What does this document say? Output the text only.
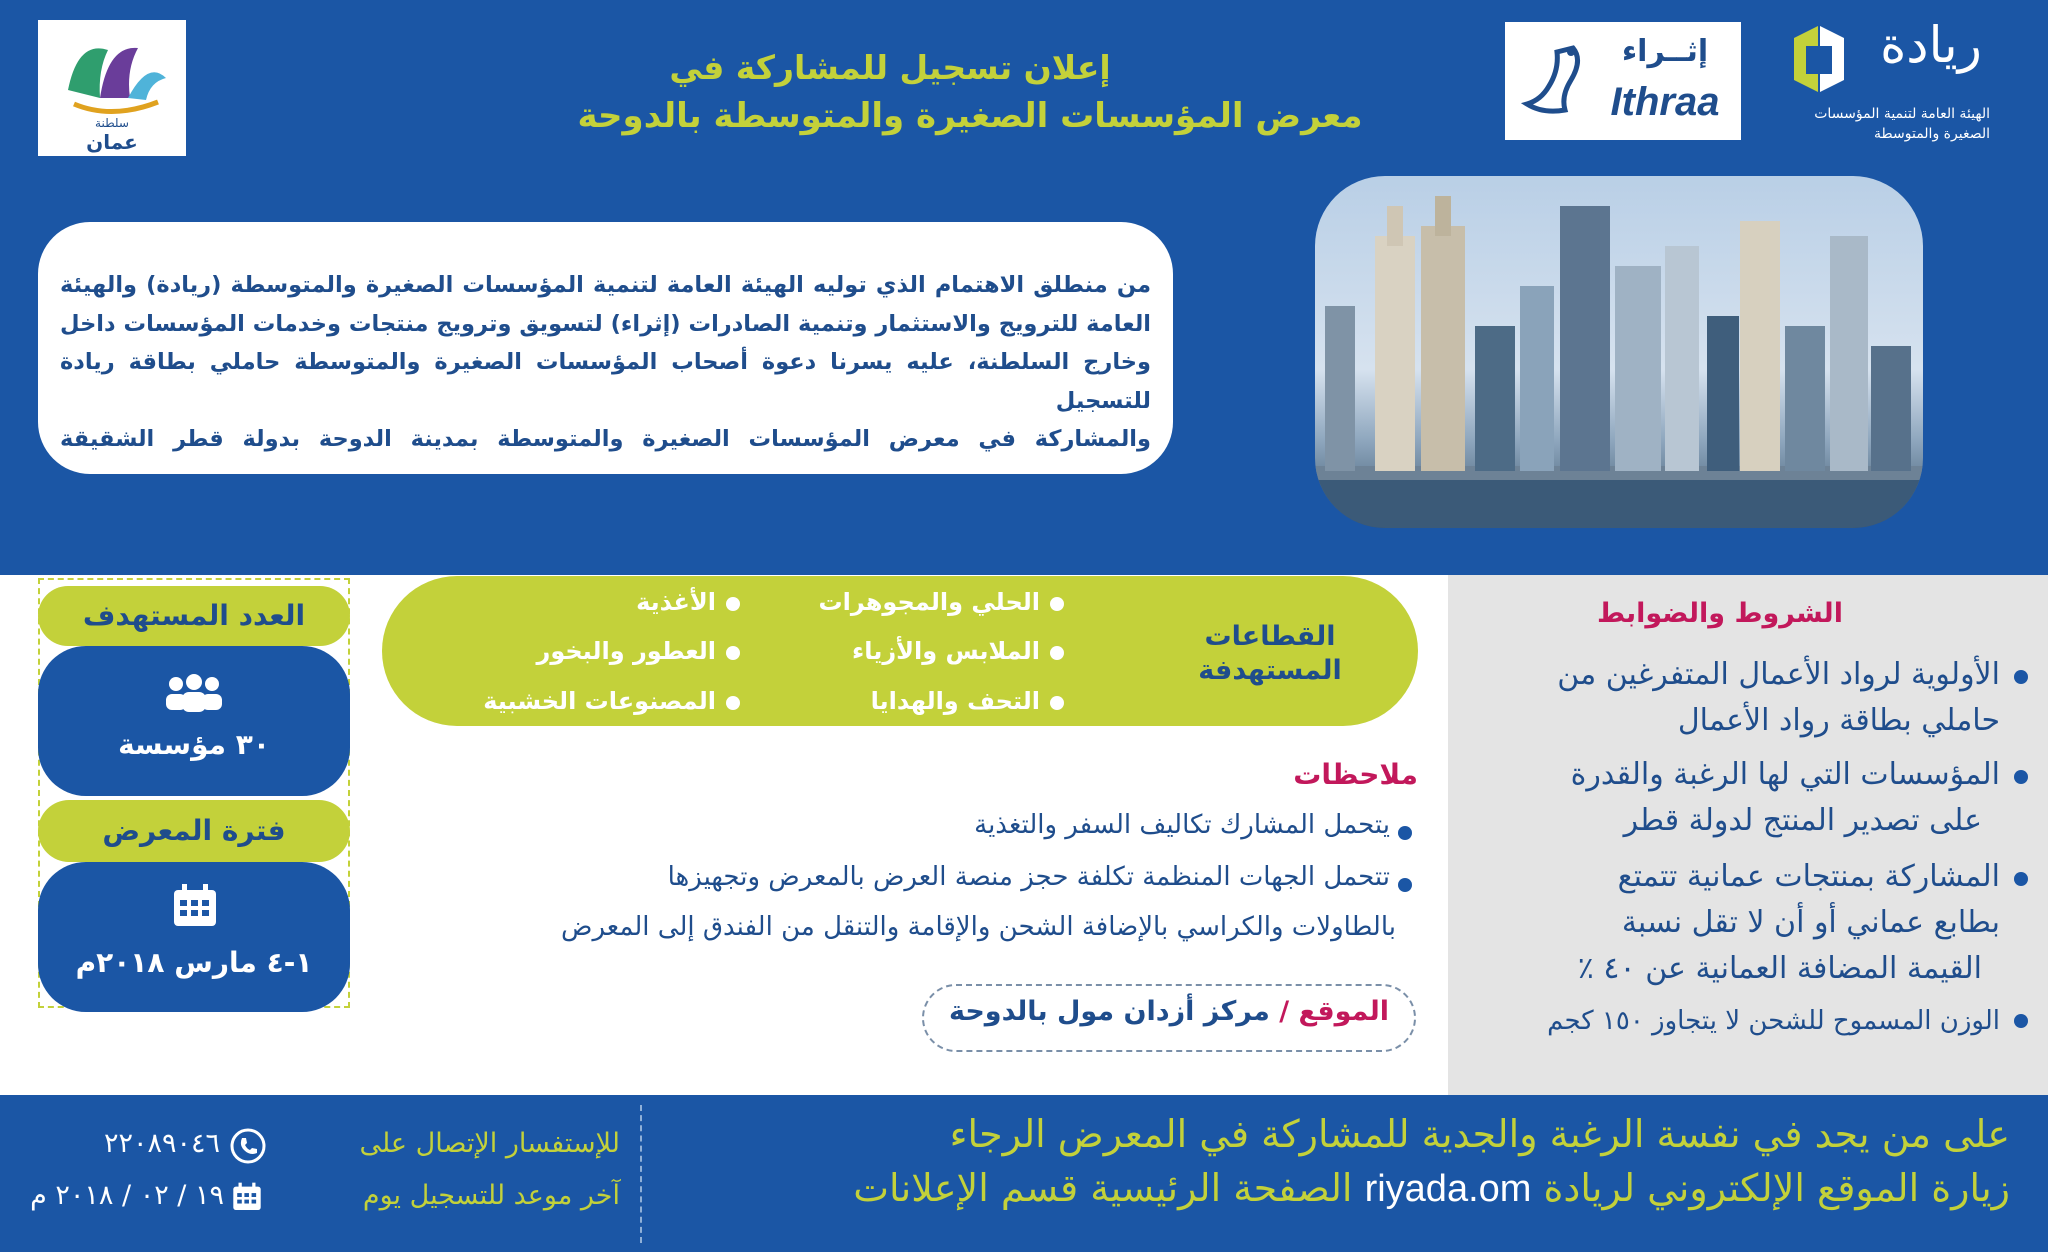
سلطنة
عمان
إثــراء
Ithraa
ريادة
الهيئة العامة لتنمية المؤسسات
الصغيرة والمتوسطة
إعلان تسجيل للمشاركة في
معرض المؤسسات الصغيرة والمتوسطة بالدوحة

من منطلق الاهتمام الذي توليه الهيئة العامة لتنمية المؤسسات الصغيرة والمتوسطة (ريادة) والهيئة

العامة للترويج والاستثمار وتنمية الصادرات (إثراء) لتسويق وترويج منتجات وخدمات المؤسسات داخل

وخارج السلطنة، عليه يسرنا دعوة أصحاب المؤسسات الصغيرة والمتوسطة حاملي بطاقة ريادة للتسجيل

والمشاركة في معرض المؤسسات الصغيرة والمتوسطة بمدينة الدوحة بدولة قطر الشقيقة

الشروط والضوابط
الأولوية لرواد الأعمال المتفرغين من
حاملي بطاقة رواد الأعمال
المؤسسات التي لها الرغبة والقدرة
على تصدير المنتج لدولة قطر
المشاركة بمنتجات عمانية تتمتع
بطابع عماني أو أن لا تقل نسبة
القيمة المضافة العمانية عن ٤٠ ٪
الوزن المسموح للشحن لا يتجاوز ١٥٠ كجم
القطاعات
المستهدفة
الحلي والمجوهرات
الأغذية
الملابس والأزياء
العطور والبخور
التحف والهدايا
المصنوعات الخشبية
ملاحظات
يتحمل المشارك تكاليف السفر والتغذية
تتحمل الجهات المنظمة تكلفة حجز منصة العرض بالمعرض وتجهيزها
بالطاولات والكراسي بالإضافة الشحن والإقامة والتنقل من الفندق إلى المعرض
الموقع / مركز أزدان مول بالدوحة
العدد المستهدف
٣٠ مؤسسة
فترة المعرض
١-٤ مارس ٢٠١٨م
على من يجد في نفسة الرغبة والجدية للمشاركة في المعرض الرجاء
زيارة الموقع الإلكتروني لريادة riyada.om الصفحة الرئيسية قسم الإعلانات
للإستفسار الإتصال على
٢٢٠٨٩٠٤٦
آخر موعد للتسجيل يوم
١٩ / ٠٢ / ٢٠١٨ م
